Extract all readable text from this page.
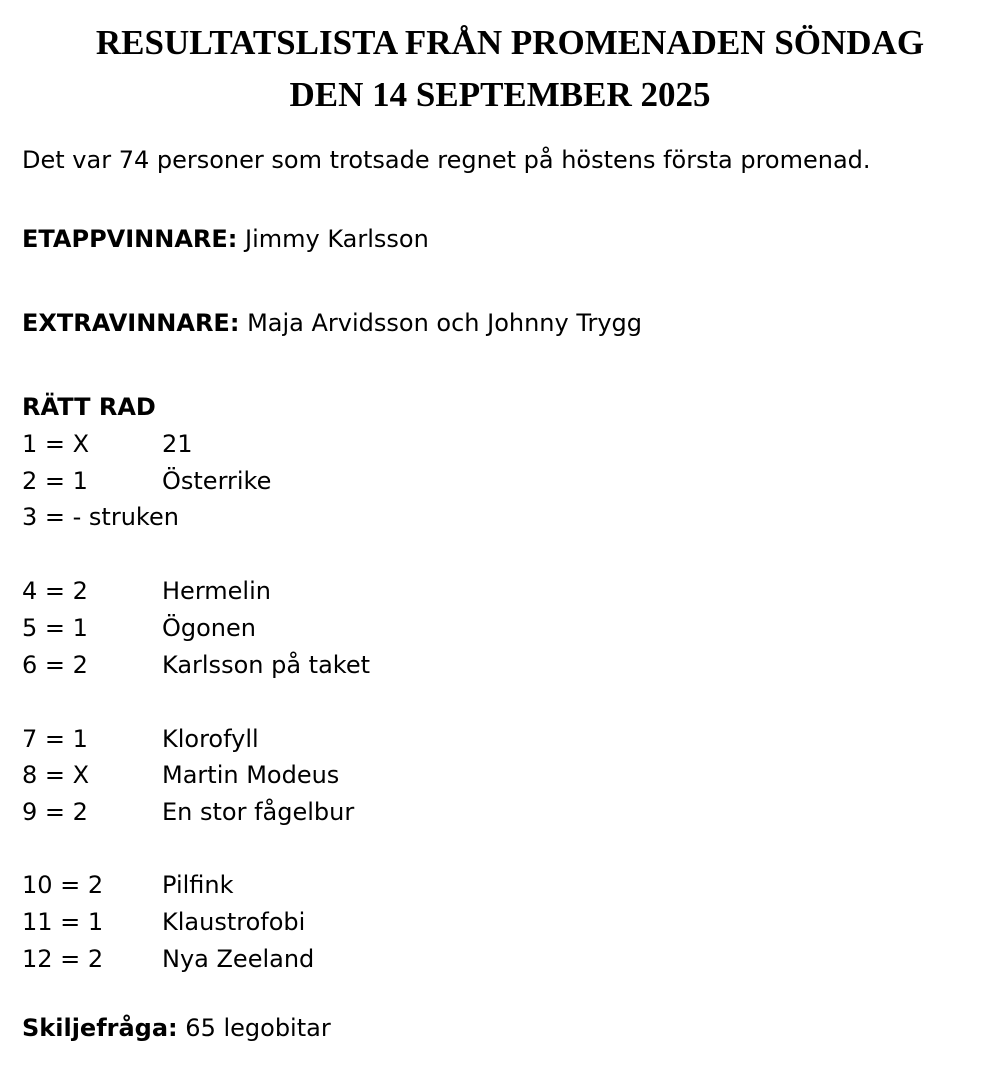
RESULTATSLISTA FRÅN PROMENADEN SÖNDAG
DEN 14 SEPTEMBER 2025
Det var 74 personer som trotsade regnet på höstens första promenad.
ETAPPVINNARE: Jimmy Karlsson
EXTRAVINNARE: Maja Arvidsson och Johnny Trygg
RÄTT RAD
1 = X	21
2 = 1	Österrike
3 = - struken
4 = 2	Hermelin
5 = 1	Ögonen
6 = 2	Karlsson på taket
7 = 1	Klorofyll
8 = X	Martin Modeus
9 = 2	En stor fågelbur
10 = 2 Pilfink
11 = 1 Klaustrofobi
12 = 2 Nya Zeeland
Skiljefråga: 65 legobitar
